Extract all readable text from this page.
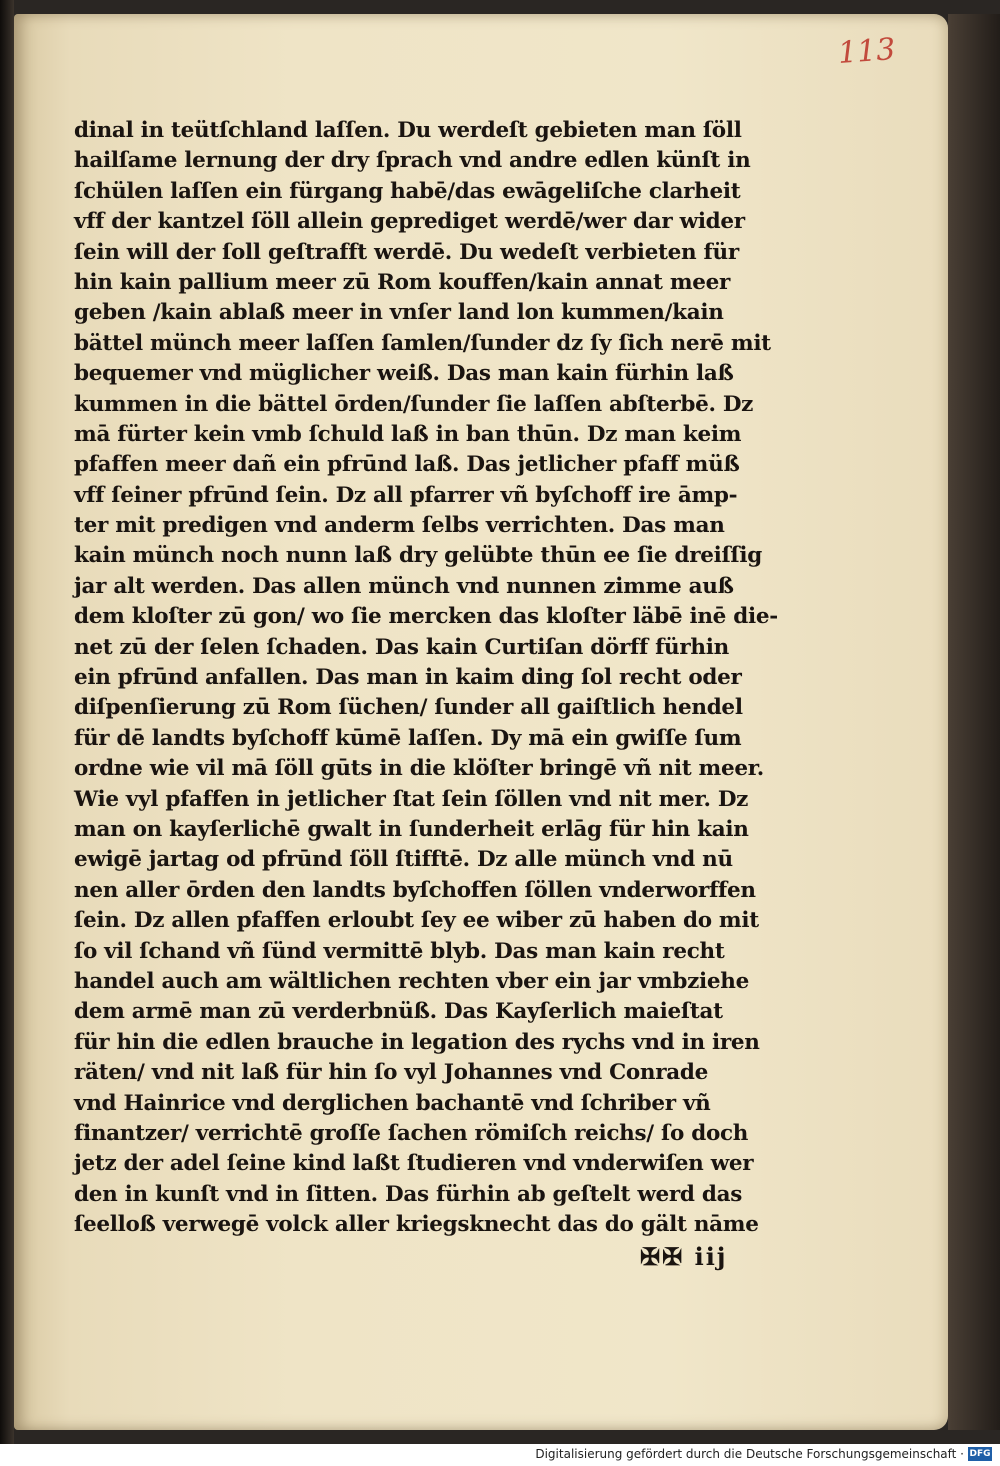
113
dinal in teütſchland laſſen. Du werdeſt gebieten man ſöll
hailſame lernung der dry ſprach vnd andre edlen künſt in
ſchülen laſſen ein fürgang habē/das ewāgeliſche clarheit
vff der kantzel ſöll allein geprediget werdē/wer dar wider
ſein will der ſoll geſtrafft werdē. Du wedeſt verbieten für
hin kain pallium meer zū Rom kouffen/kain annat meer
geben /kain ablaß meer in vnſer land lon kummen/kain
bättel münch meer laſſen ſamlen/ſunder dz ſy ſich nerē mit
bequemer vnd müglicher weiß. Das man kain fürhin laß
kummen in die bättel ōrden/ſunder ſie laſſen abſterbē. Dz
mā fürter kein vmb ſchuld laß in ban thūn. Dz man keim
pfaffen meer dañ ein pfrūnd laß. Das jetlicher pfaff müß
vff ſeiner pfrūnd ſein. Dz all pfarrer vñ byſchoff ire āmp-
ter mit predigen vnd anderm ſelbs verrichten. Das man
kain münch noch nunn laß dry gelübte thūn ee ſie dreiſſig
jar alt werden. Das allen münch vnd nunnen zimme auß
dem kloſter zū gon/ wo ſie mercken das kloſter läbē inē die-
net zū der ſelen ſchaden. Das kain Curtiſan dörff fürhin
ein pfrūnd anfallen. Das man in kaim ding ſol recht oder
diſpenſierung zū Rom ſüchen/ ſunder all gaiſtlich hendel
für dē landts byſchoff kūmē laſſen. Dy mā ein gwiſſe ſum
ordne wie vil mā ſöll gūts in die klöſter bringē vñ nit meer.
Wie vyl pfaffen in jetlicher ſtat ſein ſöllen vnd nit mer. Dz
man on kayſerlichē gwalt in ſunderheit erlāg für hin kain
ewigē jartag od pfrūnd ſöll ſtifftē. Dz alle münch vnd nū
nen aller ōrden den landts byſchoffen ſöllen vnderworffen
ſein. Dz allen pfaffen erloubt ſey ee wiber zū haben do mit
ſo vil ſchand vñ ſünd vermittē blyb. Das man kain recht
handel auch am wältlichen rechten vber ein jar vmbziehe
dem armē man zū verderbnüß. Das Kayſerlich maieſtat
für hin die edlen brauche in legation des rychs vnd in iren
räten/ vnd nit laß für hin ſo vyl Johannes vnd Conrade
vnd Hainrice vnd derglichen bachantē vnd ſchriber vñ
finantzer/ verrichtē groſſe ſachen römiſch reichs/ ſo doch
jetz der adel ſeine kind laßt ſtudieren vnd vnderwiſen wer
den in kunſt vnd in ſitten. Das fürhin ab geſtelt werd das
ſeelloß verwegē volck aller kriegsknecht das do gält nāme
✠✠ iij
Digitalisierung gefördert durch die Deutsche Forschungsgemeinschaft · DFG
